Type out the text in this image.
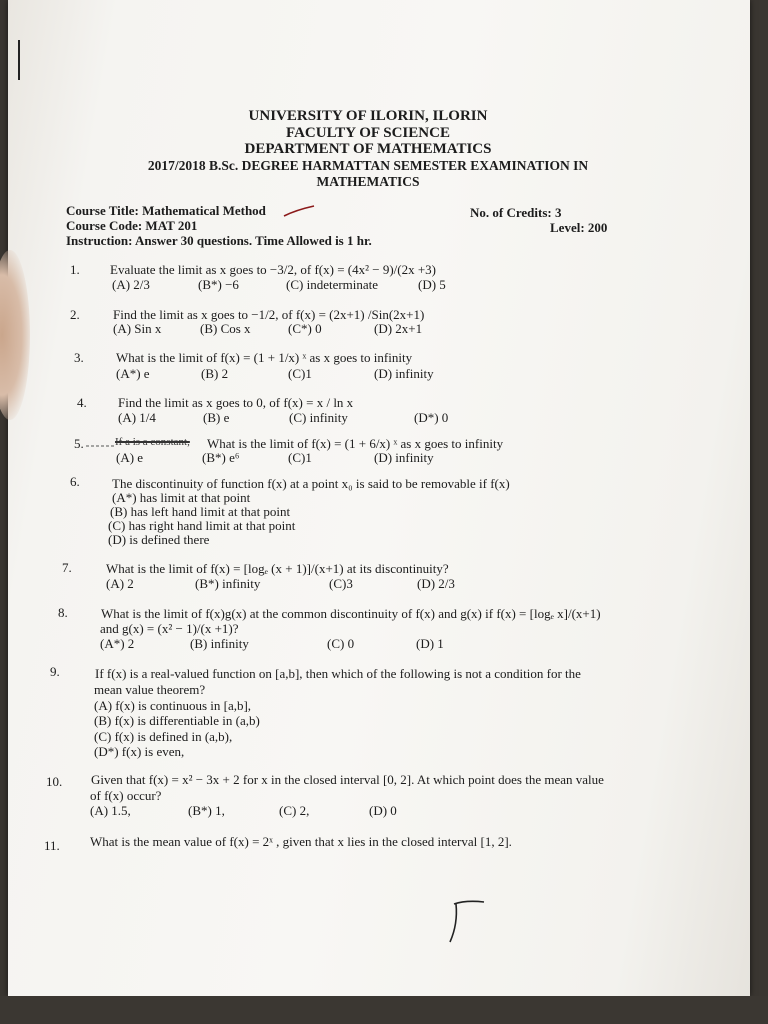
UNIVERSITY OF ILORIN, ILORIN
FACULTY OF SCIENCE
DEPARTMENT OF MATHEMATICS
2017/2018 B.Sc. DEGREE HARMATTAN SEMESTER EXAMINATION IN
MATHEMATICS
Course Title: Mathematical Method
Course Code: MAT 201
Instruction: Answer 30 questions. Time Allowed is 1 hr.
No. of Credits: 3
Level: 200
1. Evaluate the limit as x goes to −3/2, of f(x) = (4x² − 9)/(2x +3)
(A) 2/3	(B*) −6	(C) indeterminate	(D) 5
2.	Find the limit as x goes to −1/2, of f(x) = (2x+1) /Sin(2x+1)
(A) Sin x	(B) Cos x	(C*) 0	(D) 2x+1
3. What is the limit of f(x) = (1 + 1/x) ˣ as x goes to infinity
(A*) e	(B) 2	(C)1	(D) infinity
4. Find the limit as x goes to 0, of f(x) = x / ln x
(A) 1/4	(B) e	(C) infinity	(D*) 0
5.	If a is a constant, What is the limit of f(x) = (1 + 6/x) ˣ as x goes to infinity
(A) e	(B*) e⁶	(C)1	(D) infinity
6. The discontinuity of function f(x) at a point x₀ is said to be removable if f(x)
(A*) has limit at that point
(B) has left hand limit at that point
(C) has right hand limit at that point
(D) is defined there
7.	What is the limit of f(x) = [logₑ (x + 1)]/(x+1) at its discontinuity?
(A) 2	(B*) infinity	(C)3	(D) 2/3
8.	What is the limit of f(x)g(x) at the common discontinuity of f(x) and g(x) if f(x) = [logₑ x]/(x+1)
and g(x) = (x² − 1)/(x +1)?
(A*) 2	(B) infinity	(C) 0	(D) 1
9.	If f(x) is a real-valued function on [a,b], then which of the following is not a condition for the
mean value theorem?
(A) f(x) is continuous in [a,b],
(B) f(x) is differentiable in (a,b)
(C) f(x) is defined in (a,b),
(D*) f(x) is even,
10. Given that f(x) = x² − 3x + 2 for x in the closed interval [0, 2]. At which point does the mean value
of f(x) occur?
(A) 1.5,	(B*) 1,	(C) 2,	(D) 0
11. What is the mean value of f(x) = 2ˣ , given that x lies in the closed interval [1, 2].
